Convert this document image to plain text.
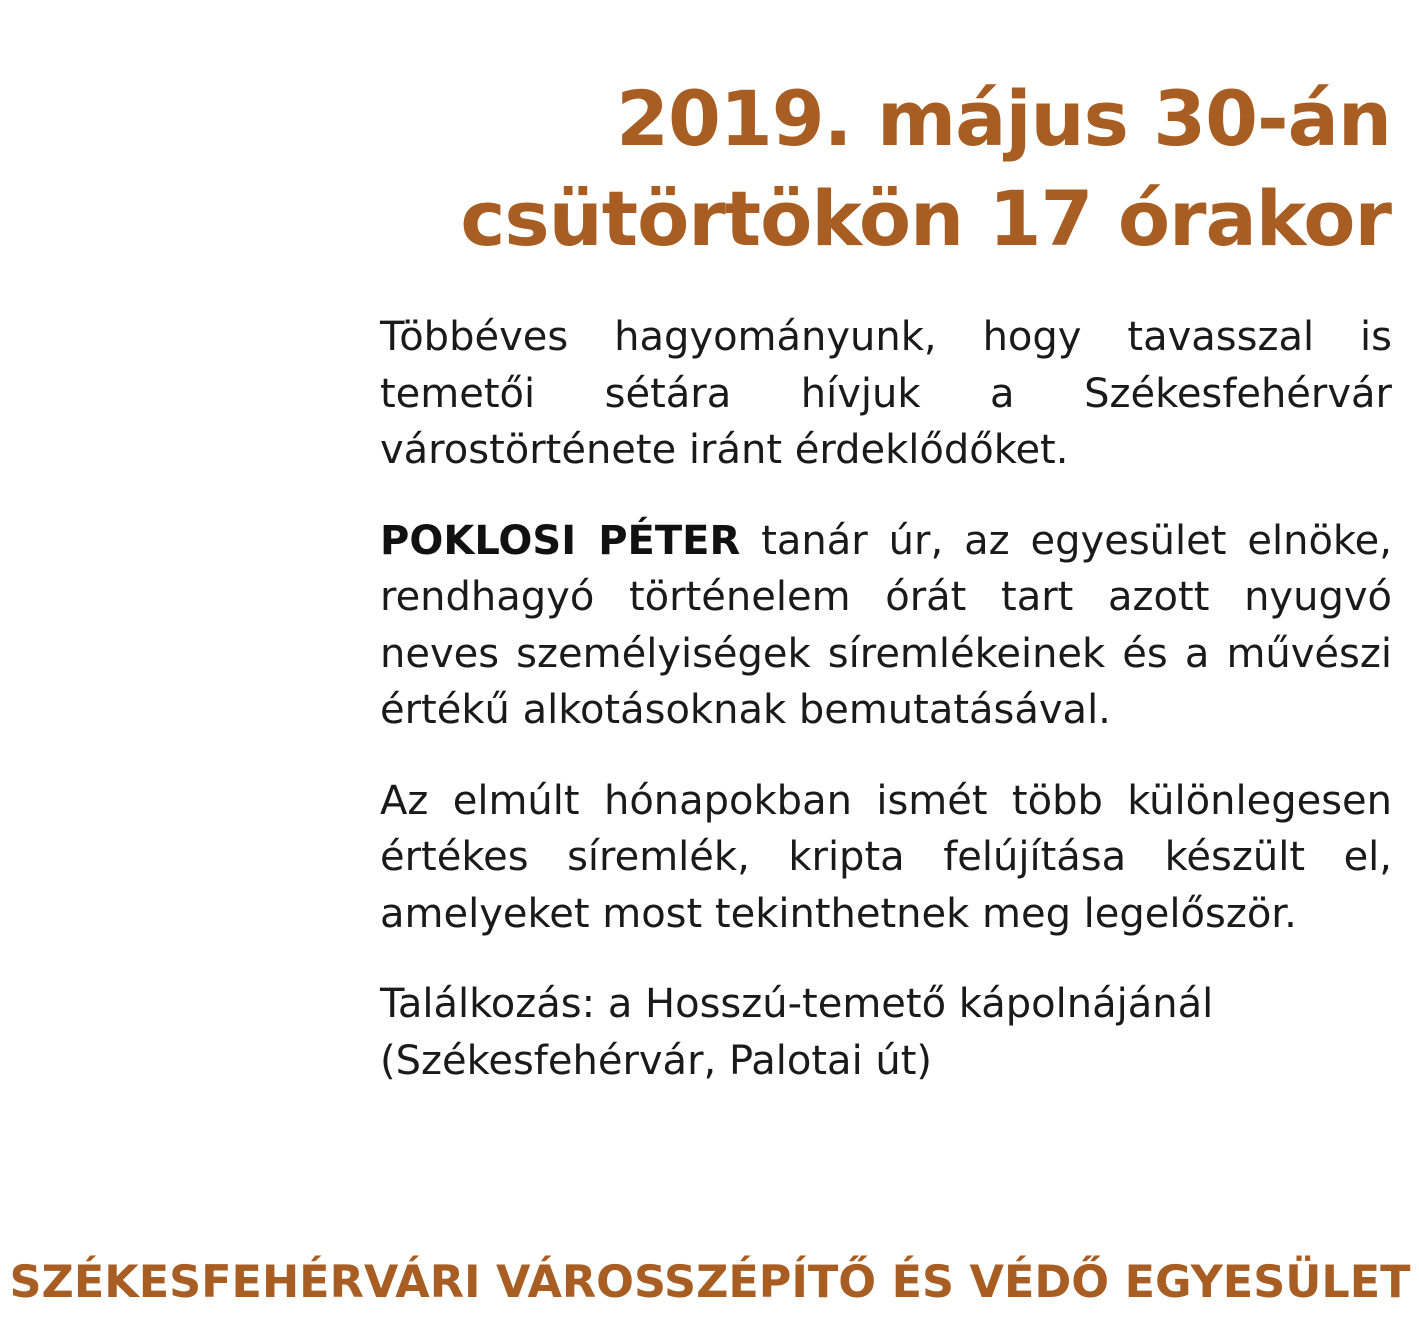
2019. május 30-án
csütörtökön 17 órakor

Többéves hagyományunk, hogy tavasszal is temetői sétára hívjuk a Székesfehérvár várostörténete iránt érdeklődőket.

POKLOSI PÉTER tanár úr, az egyesület elnöke, rendhagyó történelem órát tart azott nyugvó neves személyiségek síremlékeinek és a művészi értékű alkotásoknak bemutatásával.

Az elmúlt hónapokban ismét több különlegesen értékes síremlék, kripta felújítása készült el, amelyeket most tekinthetnek meg legelőször.

Találkozás: a Hosszú-temető kápolnájánál
(Székesfehérvár, Palotai út)

SZÉKESFEHÉRVÁRI VÁROSSZÉPÍTŐ ÉS VÉDŐ EGYESÜLET
